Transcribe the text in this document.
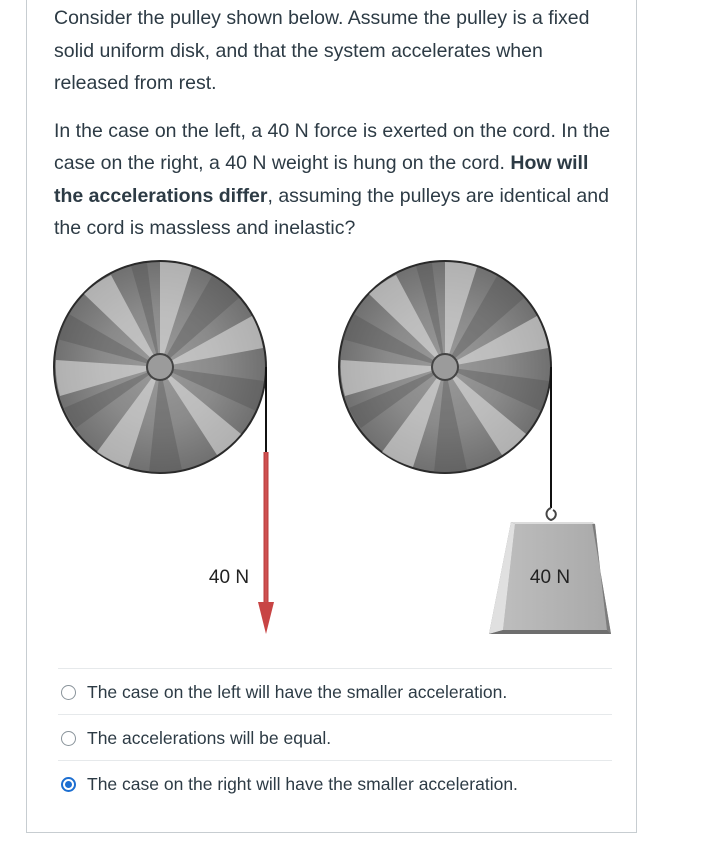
Consider the pulley shown below. Assume the pulley is a fixed solid uniform disk, and that the system accelerates when released from rest.

In the case on the left, a 40 N force is exerted on the cord. In the case on the right, a 40 N weight is hung on the cord. How will the accelerations differ, assuming the pulleys are identical and the cord is massless and inelastic?

40 N	40 N
The case on the left will have the smaller acceleration.
The accelerations will be equal.
The case on the right will have the smaller acceleration.
